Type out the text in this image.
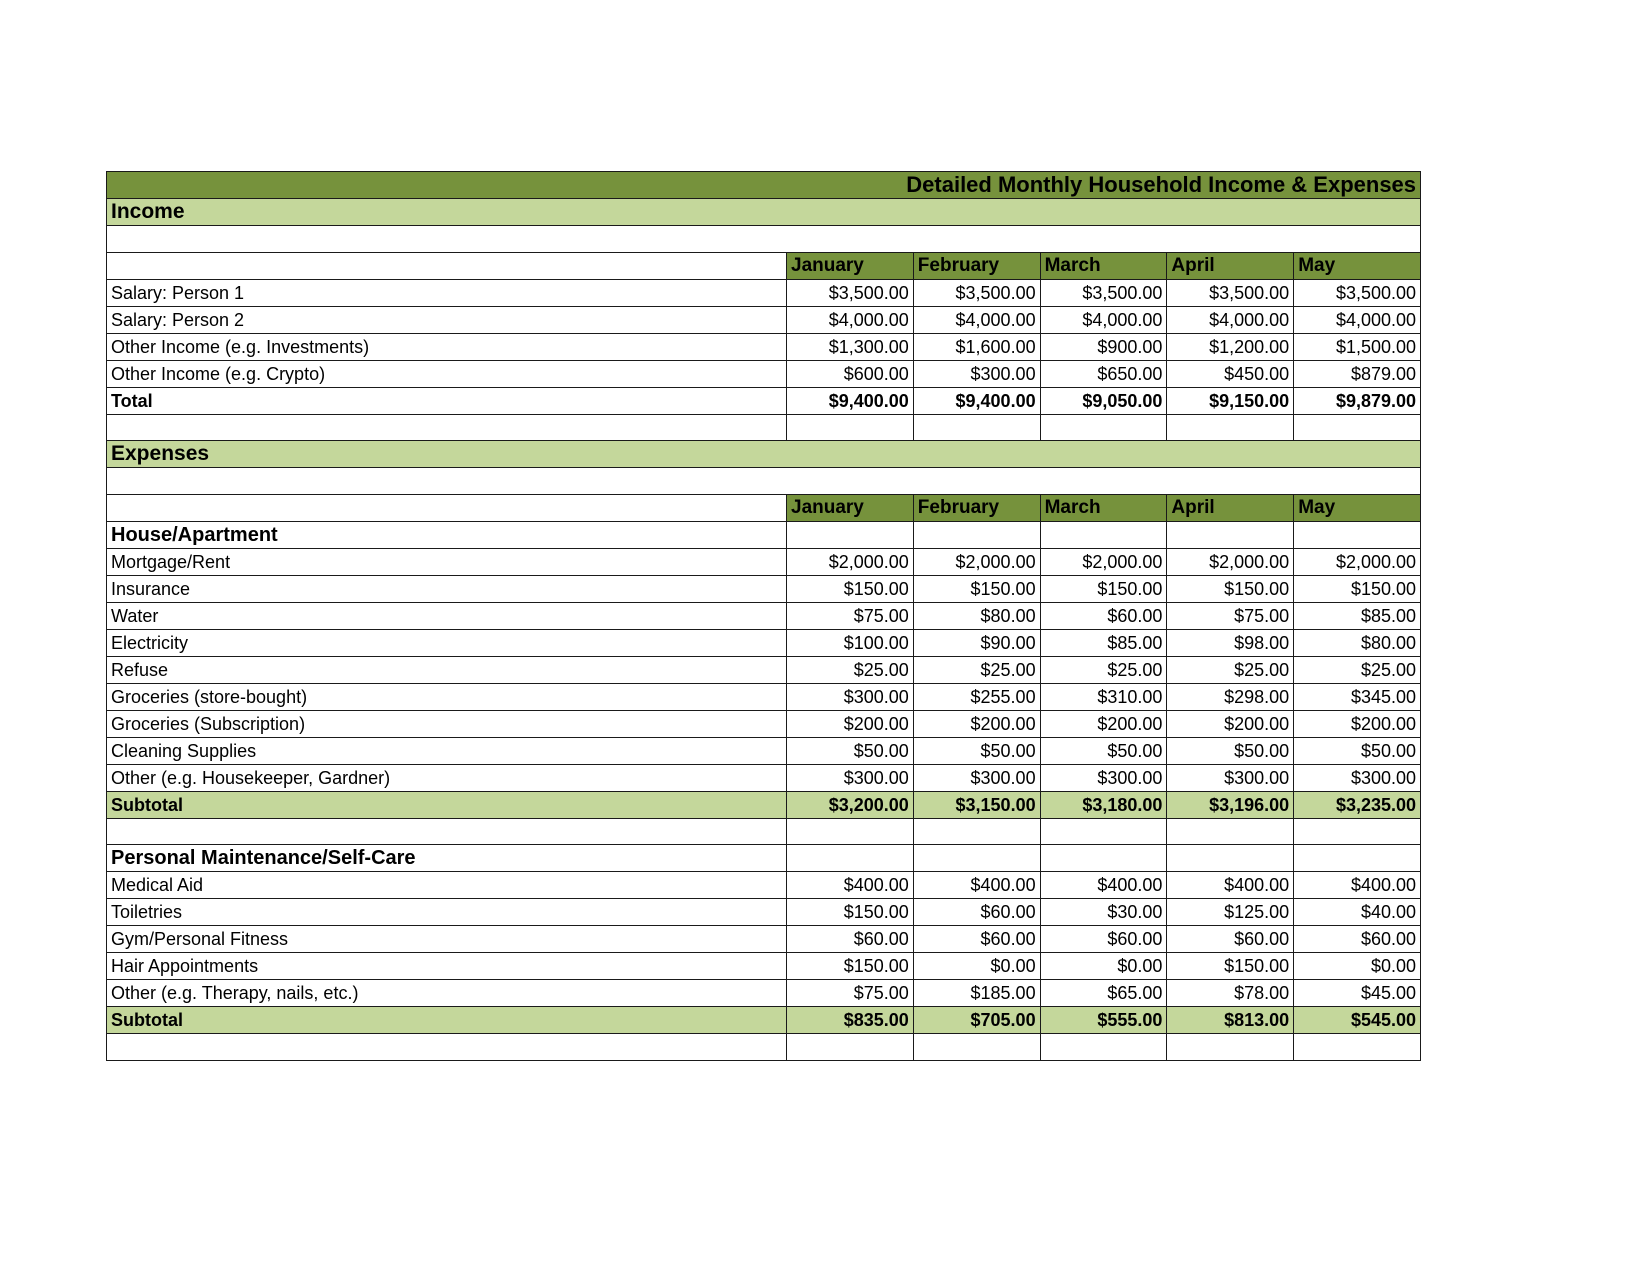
Detailed Monthly Household Income & Expenses					
Income					

	January	February	March	April	May
Salary: Person 1	$3,500.00	$3,500.00	$3,500.00	$3,500.00	$3,500.00
Salary: Person 2	$4,000.00	$4,000.00	$4,000.00	$4,000.00	$4,000.00
Other Income (e.g. Investments)	$1,300.00	$1,600.00	$900.00	$1,200.00	$1,500.00
Other Income (e.g. Crypto)	$600.00	$300.00	$650.00	$450.00	$879.00
Total	$9,400.00	$9,400.00	$9,050.00	$9,150.00	$9,879.00

Expenses					

	January	February	March	April	May
House/Apartment					
Mortgage/Rent	$2,000.00	$2,000.00	$2,000.00	$2,000.00	$2,000.00
Insurance	$150.00	$150.00	$150.00	$150.00	$150.00
Water	$75.00	$80.00	$60.00	$75.00	$85.00
Electricity	$100.00	$90.00	$85.00	$98.00	$80.00
Refuse	$25.00	$25.00	$25.00	$25.00	$25.00
Groceries (store-bought)	$300.00	$255.00	$310.00	$298.00	$345.00
Groceries (Subscription)	$200.00	$200.00	$200.00	$200.00	$200.00
Cleaning Supplies	$50.00	$50.00	$50.00	$50.00	$50.00
Other (e.g. Housekeeper, Gardner)	$300.00	$300.00	$300.00	$300.00	$300.00
Subtotal	$3,200.00	$3,150.00	$3,180.00	$3,196.00	$3,235.00

Personal Maintenance/Self-Care					
Medical Aid	$400.00	$400.00	$400.00	$400.00	$400.00
Toiletries	$150.00	$60.00	$30.00	$125.00	$40.00
Gym/Personal Fitness	$60.00	$60.00	$60.00	$60.00	$60.00
Hair Appointments	$150.00	$0.00	$0.00	$150.00	$0.00
Other (e.g. Therapy, nails, etc.)	$75.00	$185.00	$65.00	$78.00	$45.00
Subtotal	$835.00	$705.00	$555.00	$813.00	$545.00
